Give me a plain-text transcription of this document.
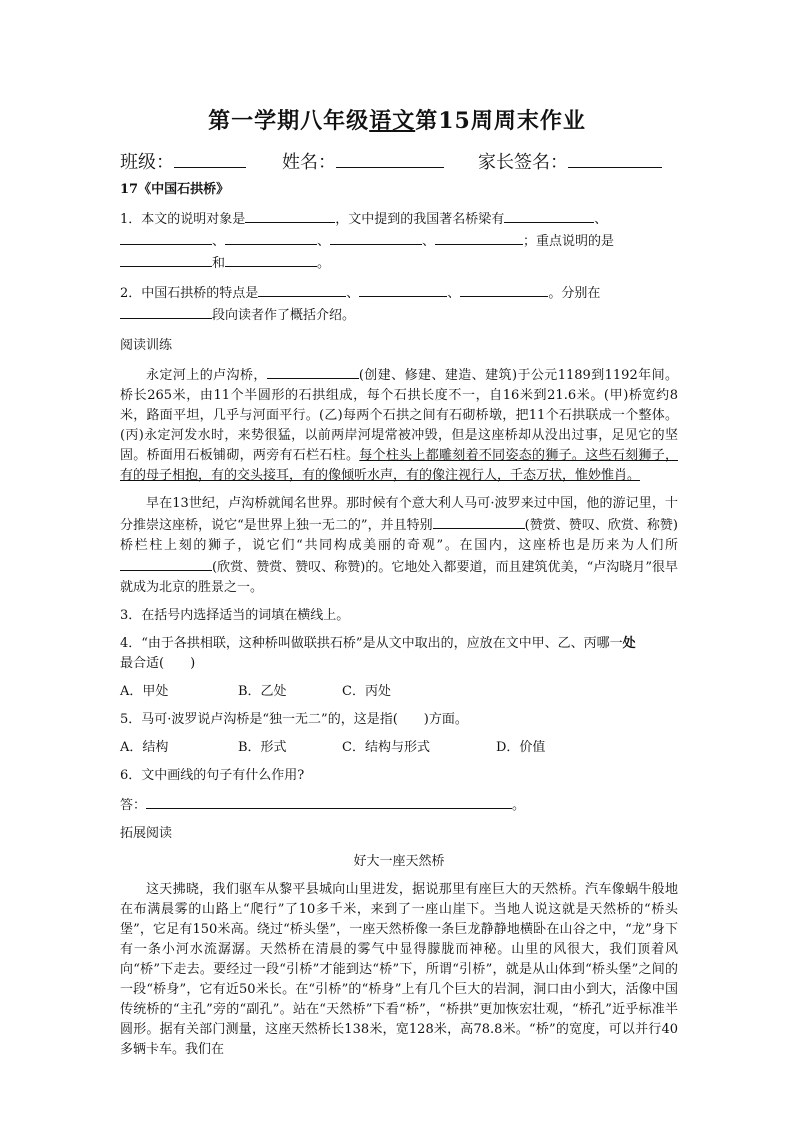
第一学期八年级语文第15周周末作业
班级：	姓名：	家长签名：

17《中国石拱桥》

1．本文的说明对象是	，文中提到的我国著名桥梁有	、
、	、	、	；重点说明的是
和	。

2．中国石拱桥的特点是	、	、	。分别在
段向读者作了概括介绍。

阅读训练

永定河上的卢沟桥，	(创建、修建、建造、建筑)于公元1189到1192年间。桥长265米，由11个半圆形的石拱组成，每个石拱长度不一，自16米到21.6米。(甲)桥宽约8米，路面平坦，几乎与河面平行。(乙)每两个石拱之间有石砌桥墩，把11个石拱联成一个整体。(丙)永定河发水时，来势很猛，以前两岸河堤常被冲毁，但是这座桥却从没出过事，足见它的坚固。桥面用石板铺砌，两旁有石栏石柱。每个柱头上都雕刻着不同姿态的狮子。这些石刻狮子，有的母子相抱，有的交头接耳，有的像倾听水声，有的像注视行人，千态万状，惟妙惟肖。

早在13世纪，卢沟桥就闻名世界。那时候有个意大利人马可·波罗来过中国，他的游记里，十分推崇这座桥，说它“是世界上独一无二的”，并且特别	(赞赏、赞叹、欣赏、称赞)桥栏柱上刻的狮子，说它们“共同构成美丽的奇观”。在国内，这座桥也是历来为人们所(欣赏、赞赏、赞叹、称赞)的。它地处入都要道，而且建筑优美，“卢沟晓月”很早就成为北京的胜景之一。

3．在括号内选择适当的词填在横线上。

4．“由于各拱相联，这种桥叫做联拱石桥”是从文中取出的，应放在文中甲、乙、丙哪一处
最合适(　　)

A．甲处	B．乙处	C．丙处

5．马可·波罗说卢沟桥是“独一无二”的，这是指(　　)方面。

A．结构	B．形式	C．结构与形式	D．价值

6．文中画线的句子有什么作用?

答：	。

拓展阅读

好大一座天然桥

这天拂晓，我们驱车从黎平县城向山里进发，据说那里有座巨大的天然桥。汽车像蜗牛般地在布满晨雾的山路上“爬行”了10多千米，来到了一座山崖下。当地人说这就是天然桥的“桥头堡”，它足有150米高。绕过“桥头堡”，一座天然桥像一条巨龙静静地横卧在山谷之中，“龙”身下有一条小河水流潺潺。天然桥在清晨的雾气中显得朦胧而神秘。山里的风很大，我们顶着风向“桥”下走去。要经过一段“引桥”才能到达“桥”下，所谓“引桥”，就是从山体到“桥头堡”之间的一段“桥身”，它有近50米长。在“引桥”的“桥身”上有几个巨大的岩洞，洞口由小到大，活像中国传统桥的“主孔”旁的“副孔”。站在“天然桥”下看“桥”，“桥拱”更加恢宏壮观，“桥孔”近乎标准半圆形。据有关部门测量，这座天然桥长138米，宽128米，高78.8米。“桥”的宽度，可以并行40多辆卡车。我们在
